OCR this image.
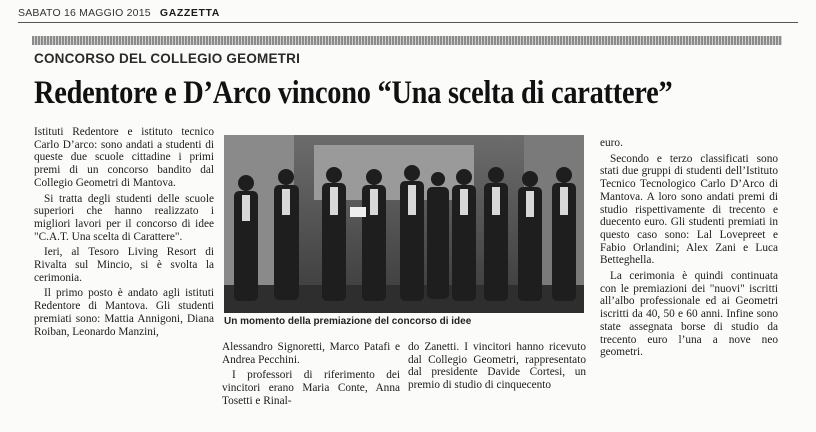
SABATO 16 MAGGIO 2015 GAZZETTA
CONCORSO DEL COLLEGIO GEOMETRI
Redentore e D’Arco vincono “Una scelta di carattere”

Istituti Redentore e istituto tecnico Carlo D’arco: sono andati a studenti di queste due scuole cittadine i primi premi di un concorso bandito dal Collegio Geometri di Mantova.

Si tratta degli studenti delle scuole superiori che hanno realizzato i migliori lavori per il concorso di idee "C.A.T. Una scelta di Carattere".

Ieri, al Tesoro Living Resort di Rivalta sul Mincio, si è svolta la cerimonia.

Il primo posto è andato agli istituti Redentore di Mantova. Gli studenti premiati sono: Mattia Annigoni, Diana Roiban, Leonardo Manzini,

Un momento della premiazione del concorso di idee

Alessandro Signoretti, Marco Patafi e Andrea Pecchini.

I professori di riferimento dei vincitori erano Maria Conte, Anna Tosetti e Rinal-

do Zanetti. I vincitori hanno ricevuto dal Collegio Geometri, rappresentato dal presidente Davide Cortesi, un premio di studio di cinquecento

euro.

Secondo e terzo classificati sono stati due gruppi di studenti dell’Istituto Tecnico Tecnologico Carlo D’Arco di Mantova. A loro sono andati premi di studio rispettivamente di trecento e duecento euro. Gli studenti premiati in questo caso sono: Lal Lovepreet e Fabio Orlandini; Alex Zani e Luca Betteghella.

La cerimonia è quindi continuata con le premiazioni dei "nuovi" iscritti all’albo professionale ed ai Geometri iscritti da 40, 50 e 60 anni. Infine sono state assegnata borse di studio da trecento euro l’una a nove neo geometri.
